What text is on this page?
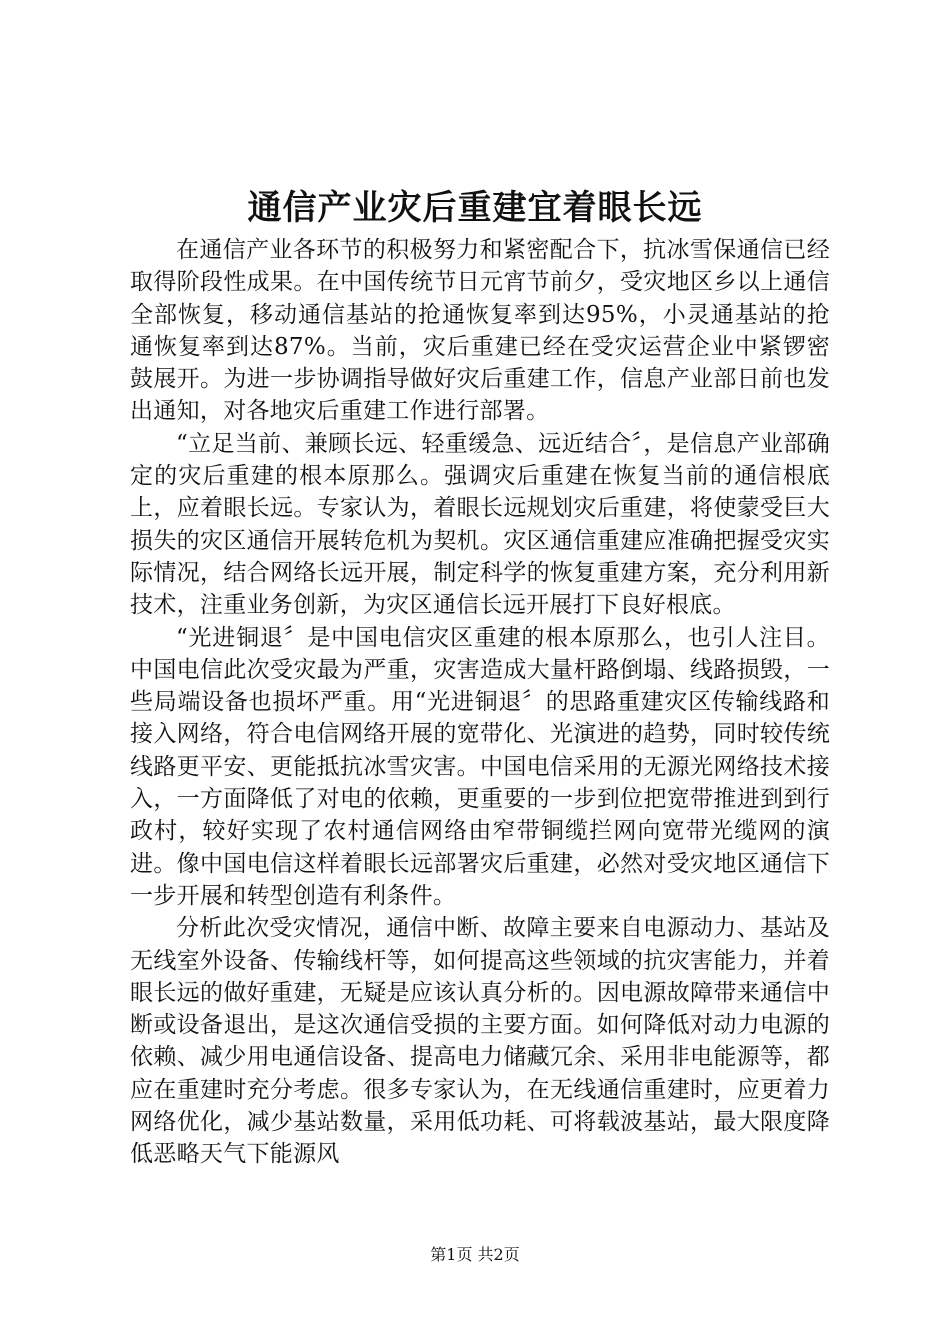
通信产业灾后重建宜着眼长远

在通信产业各环节的积极努力和紧密配合下，抗冰雪保通信已经取得阶段性成果。在中国传统节日元宵节前夕，受灾地区乡以上通信全部恢复，移动通信基站的抢通恢复率到达95%，小灵通基站的抢通恢复率到达87%。当前，灾后重建已经在受灾运营企业中紧锣密鼓展开。为进一步协调指导做好灾后重建工作，信息产业部日前也发出通知，对各地灾后重建工作进行部署。

“立足当前、兼顾长远、轻重缓急、远近结合〞，是信息产业部确定的灾后重建的根本原那么。强调灾后重建在恢复当前的通信根底上，应着眼长远。专家认为，着眼长远规划灾后重建，将使蒙受巨大损失的灾区通信开展转危机为契机。灾区通信重建应准确把握受灾实际情况，结合网络长远开展，制定科学的恢复重建方案，充分利用新技术，注重业务创新，为灾区通信长远开展打下良好根底。

“光进铜退〞是中国电信灾区重建的根本原那么，也引人注目。中国电信此次受灾最为严重，灾害造成大量杆路倒塌、线路损毁，一些局端设备也损坏严重。用“光进铜退〞的思路重建灾区传输线路和接入网络，符合电信网络开展的宽带化、光演进的趋势，同时较传统线路更平安、更能抵抗冰雪灾害。中国电信采用的无源光网络技术接入，一方面降低了对电的依赖，更重要的一步到位把宽带推进到到行政村，较好实现了农村通信网络由窄带铜缆拦网向宽带光缆网的演进。像中国电信这样着眼长远部署灾后重建，必然对受灾地区通信下一步开展和转型创造有利条件。

分析此次受灾情况，通信中断、故障主要来自电源动力、基站及无线室外设备、传输线杆等，如何提高这些领域的抗灾害能力，并着眼长远的做好重建，无疑是应该认真分析的。因电源故障带来通信中断或设备退出，是这次通信受损的主要方面。如何降低对动力电源的依赖、减少用电通信设备、提高电力储藏冗余、采用非电能源等，都应在重建时充分考虑。很多专家认为，在无线通信重建时，应更着力网络优化，减少基站数量，采用低功耗、可将载波基站，最大限度降低恶略天气下能源风

第1页 共2页
